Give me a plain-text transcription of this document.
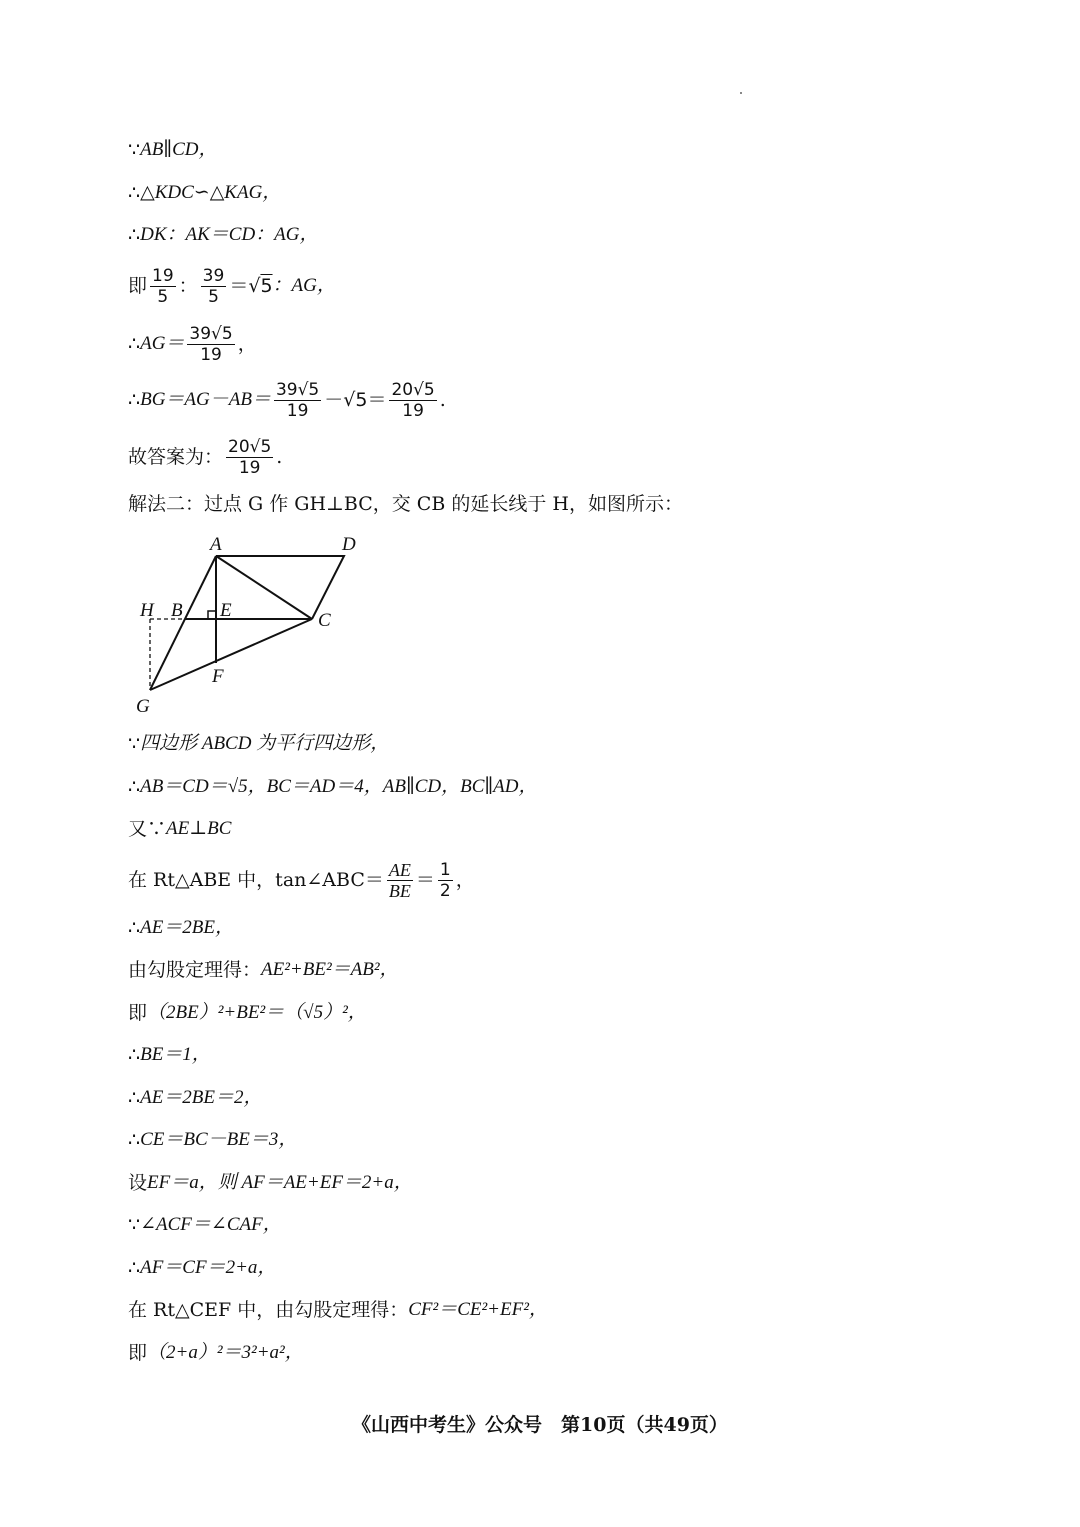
∵ AB∥CD，
∴ △KDC∽△KAG，
∴ DK：AK＝CD：AG，
即 $\frac{19}{5}$ ： $\frac{39}{5}$ ＝ √ 5 ：AG，
∴ $AG= \frac{39√5}{19}$ ，
∴ $BG=AG-AB= \frac{39√5}{19} -√5= \frac{20√5}{19}$ .
故答案为： $\frac{20√5}{19}$ .
解法二：过点 G 作 GH⊥BC，交 CB 的延长线于 H，如图所示：
A	D
H B E	C
F
G
∵ 四边形 ABCD 为平行四边形，
∴ AB＝CD＝√5，BC＝AD＝4，AB∥CD，BC∥AD，
又∵ AE⊥BC
在 Rt△ABE 中，tan∠ABC＝ $\frac{AE}{BE} = \frac{1}{2}$ ，
∴ AE＝2BE，
由勾股定理得： AE²+BE²＝AB²，
即 （2BE）²+BE²＝（√5）²，
∴ BE＝1，
∴ AE＝2BE＝2，
∴ CE＝BC－BE＝3，
设 EF＝a，则 AF＝AE+EF＝2+a，
∵ ∠ACF＝∠CAF，
∴ AF＝CF＝2+a，
在 Rt△CEF 中，由勾股定理得： CF²＝CE²+EF²，
即 （2+a）²＝3²+a²，
《山西中考生》公众号　第10页（共49页）
